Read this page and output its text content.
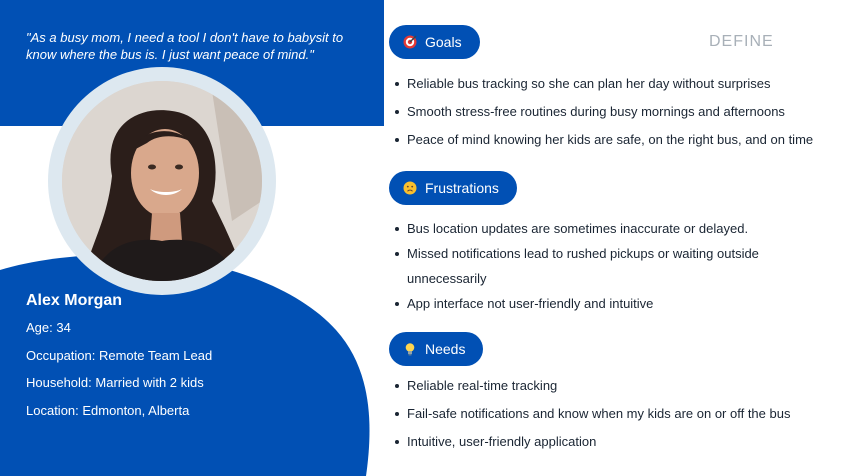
"As a busy mom, I need a tool I don't have to babysit to know where the bus is. I just want peace of mind."

Alex Morgan

Age: 34

Occupation: Remote Team Lead

Household: Married with 2 kids

Location: Edmonton, Alberta

DEFINE

Goals
Reliable bus tracking so she can plan her day without surprises
Smooth stress-free routines during busy mornings and afternoons
Peace of mind knowing her kids are safe, on the right bus, and on time
Frustrations
Bus location updates are sometimes inaccurate or delayed.
Missed notifications lead to rushed pickups or waiting outside unnecessarily
App interface not user-friendly and intuitive
Needs
Reliable real-time tracking
Fail-safe notifications and know when my kids are on or off the bus
Intuitive, user-friendly application
